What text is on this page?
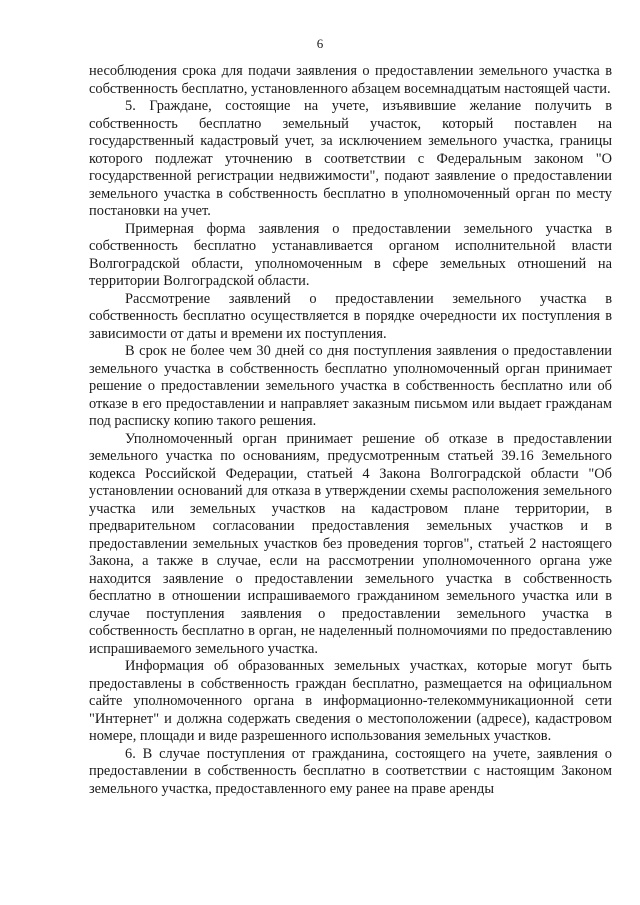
6

несоблюдения срока для подачи заявления о предоставлении земельного участка в собственность бесплатно, установленного абзацем восемнадцатым настоящей части.

5. Граждане, состоящие на учете, изъявившие желание получить в собственность бесплатно земельный участок, который поставлен на государственный кадастровый учет, за исключением земельного участка, границы которого подлежат уточнению в соответствии с Федеральным законом "О государственной регистрации недвижимости", подают заявление о предоставлении земельного участка в собственность бесплатно в уполномоченный орган по месту постановки на учет.

Примерная форма заявления о предоставлении земельного участка в собственность бесплатно устанавливается органом исполнительной власти Волгоградской области, уполномоченным в сфере земельных отношений на территории Волгоградской области.

Рассмотрение заявлений о предоставлении земельного участка в собственность бесплатно осуществляется в порядке очередности их поступления в зависимости от даты и времени их поступления.

В срок не более чем 30 дней со дня поступления заявления о предоставлении земельного участка в собственность бесплатно уполномоченный орган принимает решение о предоставлении земельного участка в собственность бесплатно или об отказе в его предоставлении и направляет заказным письмом или выдает гражданам под расписку копию такого решения.

Уполномоченный орган принимает решение об отказе в предоставлении земельного участка по основаниям, предусмотренным статьей 39.16 Земельного кодекса Российской Федерации, статьей 4 Закона Волгоградской области "Об установлении оснований для отказа в утверждении схемы расположения земельного участка или земельных участков на кадастровом плане территории, в предварительном согласовании предоставления земельных участков и в предоставлении земельных участков без проведения торгов", статьей 2 настоящего Закона, а также в случае, если на рассмотрении уполномоченного органа уже находится заявление о предоставлении земельного участка в собственность бесплатно в отношении испрашиваемого гражданином земельного участка или в случае поступления заявления о предоставлении земельного участка в собственность бесплатно в орган, не наделенный полномочиями по предоставлению испрашиваемого земельного участка.

Информация об образованных земельных участках, которые могут быть предоставлены в собственность граждан бесплатно, размещается на официальном сайте уполномоченного органа в информационно-телекоммуникационной сети "Интернет" и должна содержать сведения о местоположении (адресе), кадастровом номере, площади и виде разрешенного использования земельных участков.

6. В случае поступления от гражданина, состоящего на учете, заявления о предоставлении в собственность бесплатно в соответствии с настоящим Законом земельного участка, предоставленного ему ранее на праве аренды
